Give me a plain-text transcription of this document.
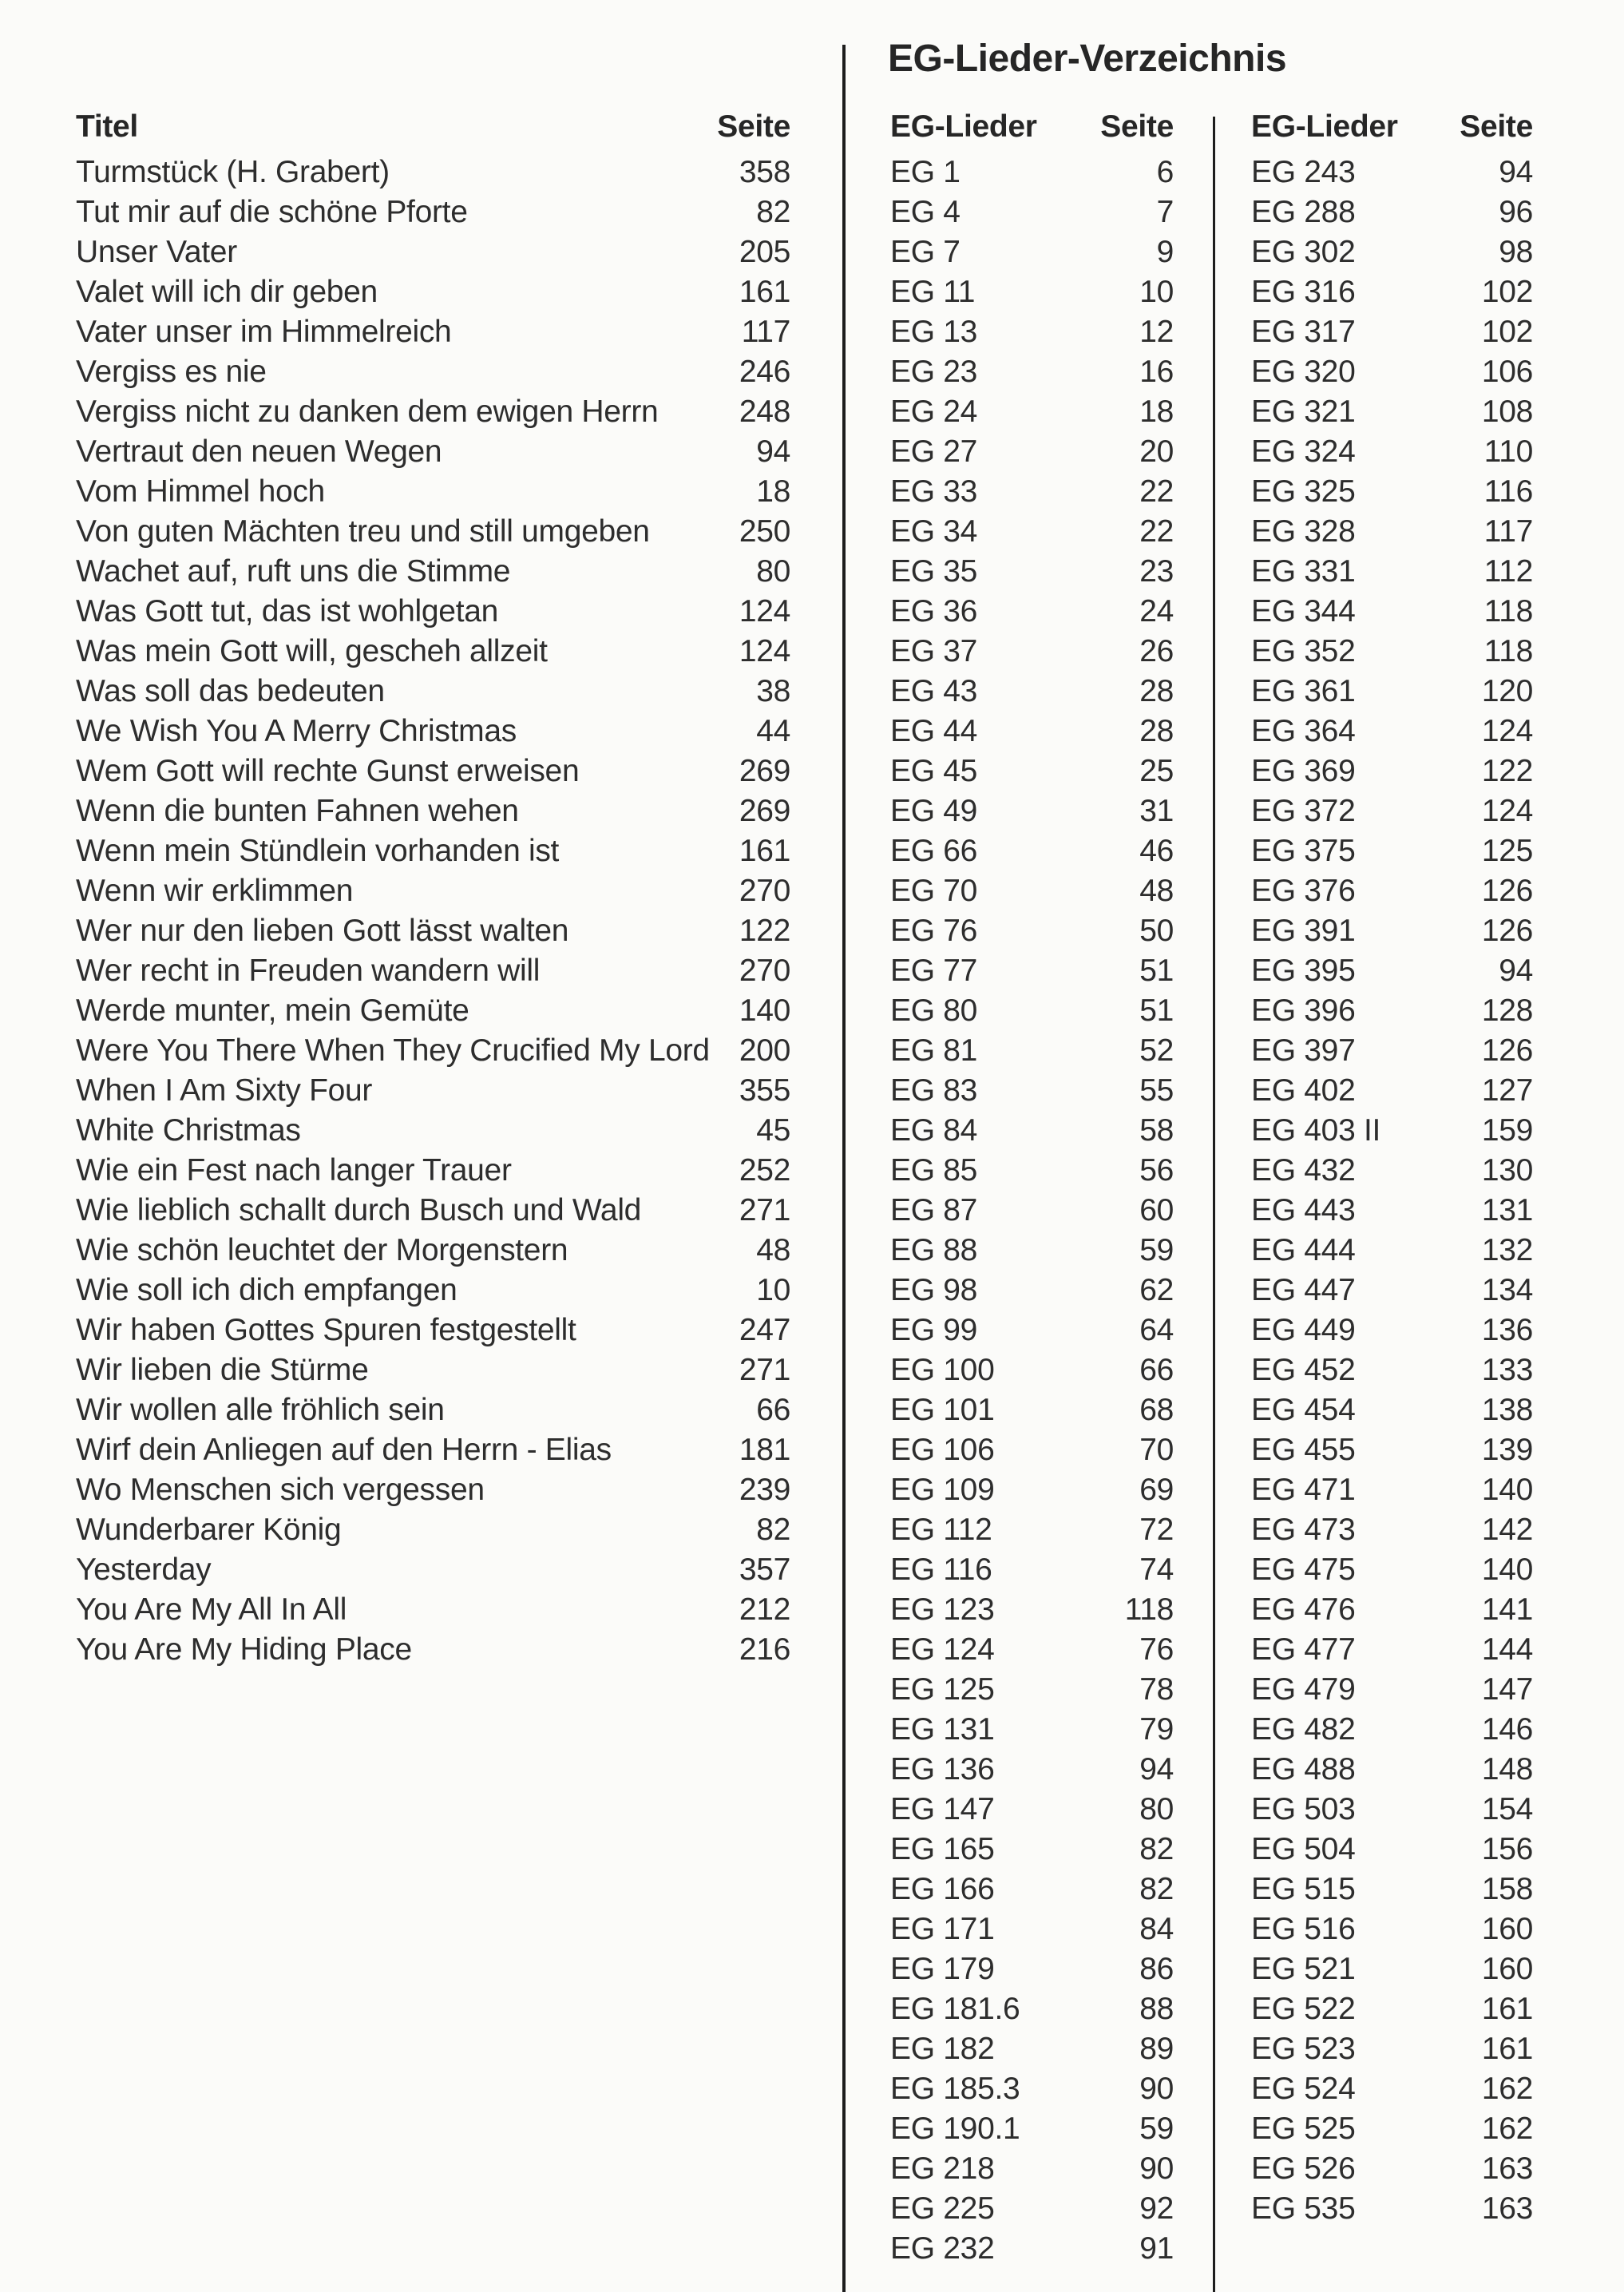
Titel	Seite
Turmstück (H. Grabert)	358
Tut mir auf die schöne Pforte	82
Unser Vater	205
Valet will ich dir geben	161
Vater unser im Himmelreich	117
Vergiss es nie	246
Vergiss nicht zu danken dem ewigen Herrn	248
Vertraut den neuen Wegen	94
Vom Himmel hoch	18
Von guten Mächten treu und still umgeben	250
Wachet auf, ruft uns die Stimme	80
Was Gott tut, das ist wohlgetan	124
Was mein Gott will, gescheh allzeit	124
Was soll das bedeuten	38
We Wish You A Merry Christmas	44
Wem Gott will rechte Gunst erweisen	269
Wenn die bunten Fahnen wehen	269
Wenn mein Stündlein vorhanden ist	161
Wenn wir erklimmen	270
Wer nur den lieben Gott lässt walten	122
Wer recht in Freuden wandern will	270
Werde munter, mein Gemüte	140
Were You There When They Crucified My Lord 200
When I Am Sixty Four	355
White Christmas	45
Wie ein Fest nach langer Trauer	252
Wie lieblich schallt durch Busch und Wald	271
Wie schön leuchtet der Morgenstern	48
Wie soll ich dich empfangen	10
Wir haben Gottes Spuren festgestellt	247
Wir lieben die Stürme	271
Wir wollen alle fröhlich sein	66
Wirf dein Anliegen auf den Herrn - Elias	181
Wo Menschen sich vergessen	239
Wunderbarer König	82
Yesterday	357
You Are My All In All	212
You Are My Hiding Place	216
EG-Lieder-Verzeichnis
EG-Lieder Seite
EG 1	6
EG 4	7
EG 7	9
EG 11	10
EG 13	12
EG 23	16
EG 24	18
EG 27	20
EG 33	22
EG 34	22
EG 35	23
EG 36	24
EG 37	26
EG 43	28
EG 44	28
EG 45	25
EG 49	31
EG 66	46
EG 70	48
EG 76	50
EG 77	51
EG 80	51
EG 81	52
EG 83	55
EG 84	58
EG 85	56
EG 87	60
EG 88	59
EG 98	62
EG 99	64
EG 100	66
EG 101	68
EG 106	70
EG 109	69
EG 112	72
EG 116	74
EG 123	118
EG 124	76
EG 125	78
EG 131	79
EG 136	94
EG 147	80
EG 165	82
EG 166	82
EG 171	84
EG 179	86
EG 181.6	88
EG 182	89
EG 185.3	90
EG 190.1	59
EG 218	90
EG 225	92
EG 232	91
EG-Lieder Seite
EG 243	94
EG 288	96
EG 302	98
EG 316	102
EG 317	102
EG 320	106
EG 321	108
EG 324	110
EG 325	116
EG 328	117
EG 331	112
EG 344	118
EG 352	118
EG 361	120
EG 364	124
EG 369	122
EG 372	124
EG 375	125
EG 376	126
EG 391	126
EG 395	94
EG 396	128
EG 397	126
EG 402	127
EG 403 II	159
EG 432	130
EG 443	131
EG 444	132
EG 447	134
EG 449	136
EG 452	133
EG 454	138
EG 455	139
EG 471	140
EG 473	142
EG 475	140
EG 476	141
EG 477	144
EG 479	147
EG 482	146
EG 488	148
EG 503	154
EG 504	156
EG 515	158
EG 516	160
EG 521	160
EG 522	161
EG 523	161
EG 524	162
EG 525	162
EG 526	163
EG 535	163
